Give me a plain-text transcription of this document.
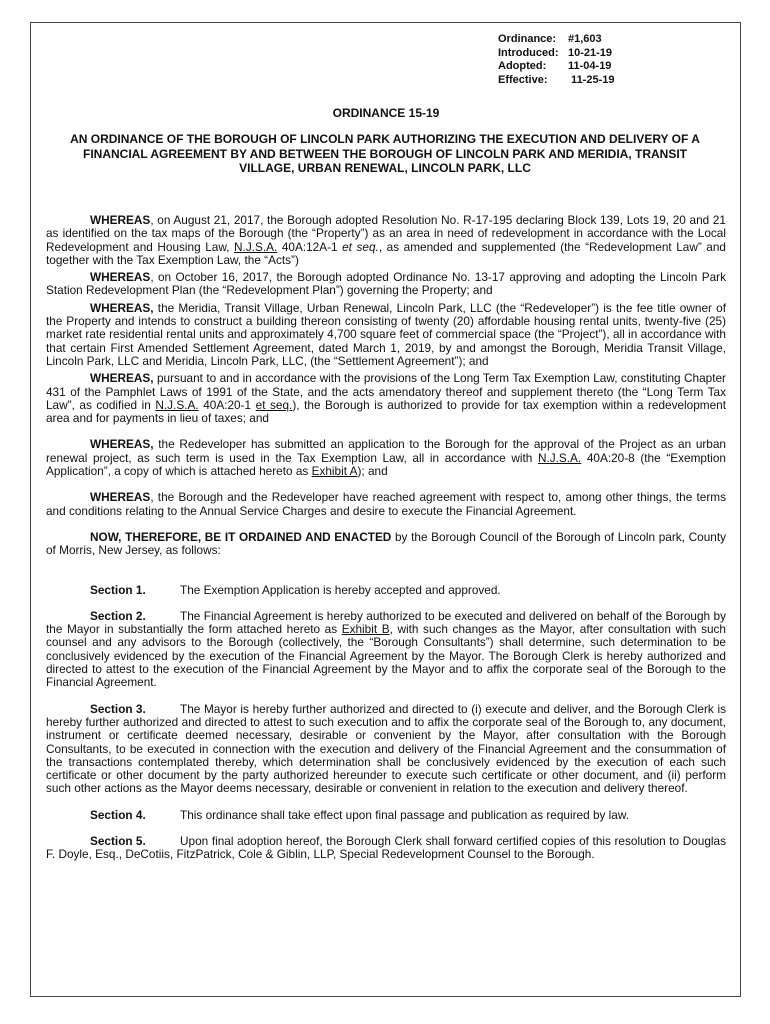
Ordinance:	#1,603
Introduced: 10-21-19
Adopted:	11-04-19
Effective:	11-25-19
ORDINANCE 15-19
AN ORDINANCE OF THE BOROUGH OF LINCOLN PARK AUTHORIZING THE EXECUTION AND DELIVERY OF A FINANCIAL AGREEMENT BY AND BETWEEN THE BOROUGH OF LINCOLN PARK AND MERIDIA, TRANSIT VILLAGE, URBAN RENEWAL, LINCOLN PARK, LLC

WHEREAS, on August 21, 2017, the Borough adopted Resolution No. R-17-195 declaring Block 139, Lots 19, 20 and 21 as identified on the tax maps of the Borough (the “Property”) as an area in need of redevelopment in accordance with the Local Redevelopment and Housing Law, N.J.S.A. 40A:12A-1 et seq., as amended and supplemented (the “Redevelopment Law” and together with the Tax Exemption Law, the “Acts”)

WHEREAS, on October 16, 2017, the Borough adopted Ordinance No. 13-17 approving and adopting the Lincoln Park Station Redevelopment Plan (the “Redevelopment Plan”) governing the Property; and

WHEREAS, the Meridia, Transit Village, Urban Renewal, Lincoln Park, LLC (the “Redeveloper”) is the fee title owner of the Property and intends to construct a building thereon consisting of twenty (20) affordable housing rental units, twenty-five (25) market rate residential rental units and approximately 4,700 square feet of commercial space (the “Project”), all in accordance with that certain First Amended Settlement Agreement, dated March 1, 2019, by and amongst the Borough, Meridia Transit Village, Lincoln Park, LLC and Meridia, Lincoln Park, LLC, (the “Settlement Agreement”); and

WHEREAS, pursuant to and in accordance with the provisions of the Long Term Tax Exemption Law, constituting Chapter 431 of the Pamphlet Laws of 1991 of the State, and the acts amendatory thereof and supplement thereto (the “Long Term Tax Law”, as codified in N.J.S.A. 40A:20-1 et seq.), the Borough is authorized to provide for tax exemption within a redevelopment area and for payments in lieu of taxes; and

WHEREAS, the Redeveloper has submitted an application to the Borough for the approval of the Project as an urban renewal project, as such term is used in the Tax Exemption Law, all in accordance with N.J.S.A. 40A:20-8 (the “Exemption Application”, a copy of which is attached hereto as Exhibit A); and

WHEREAS, the Borough and the Redeveloper have reached agreement with respect to, among other things, the terms and conditions relating to the Annual Service Charges and desire to execute the Financial Agreement.

NOW, THEREFORE, BE IT ORDAINED AND ENACTED by the Borough Council of the Borough of Lincoln park, County of Morris, New Jersey, as follows:

Section 1.	The Exemption Application is hereby accepted and approved.

Section 2.	The Financial Agreement is hereby authorized to be executed and delivered on behalf of the Borough by the Mayor in substantially the form attached hereto as Exhibit B, with such changes as the Mayor, after consultation with such counsel and any advisors to the Borough (collectively, the “Borough Consultants”) shall determine, such determination to be conclusively evidenced by the execution of the Financial Agreement by the Mayor. The Borough Clerk is hereby authorized and directed to attest to the execution of the Financial Agreement by the Mayor and to affix the corporate seal of the Borough to the Financial Agreement.

Section 3.	The Mayor is hereby further authorized and directed to (i) execute and deliver, and the Borough Clerk is hereby further authorized and directed to attest to such execution and to affix the corporate seal of the Borough to, any document, instrument or certificate deemed necessary, desirable or convenient by the Mayor, after consultation with the Borough Consultants, to be executed in connection with the execution and delivery of the Financial Agreement and the consummation of the transactions contemplated thereby, which determination shall be conclusively evidenced by the execution of each such certificate or other document by the party authorized hereunder to execute such certificate or other document, and (ii) perform such other actions as the Mayor deems necessary, desirable or convenient in relation to the execution and delivery thereof.

Section 4.	This ordinance shall take effect upon final passage and publication as required by law.

Section 5.	Upon final adoption hereof, the Borough Clerk shall forward certified copies of this resolution to Douglas F. Doyle, Esq., DeCotiis, FitzPatrick, Cole & Giblin, LLP, Special Redevelopment Counsel to the Borough.
